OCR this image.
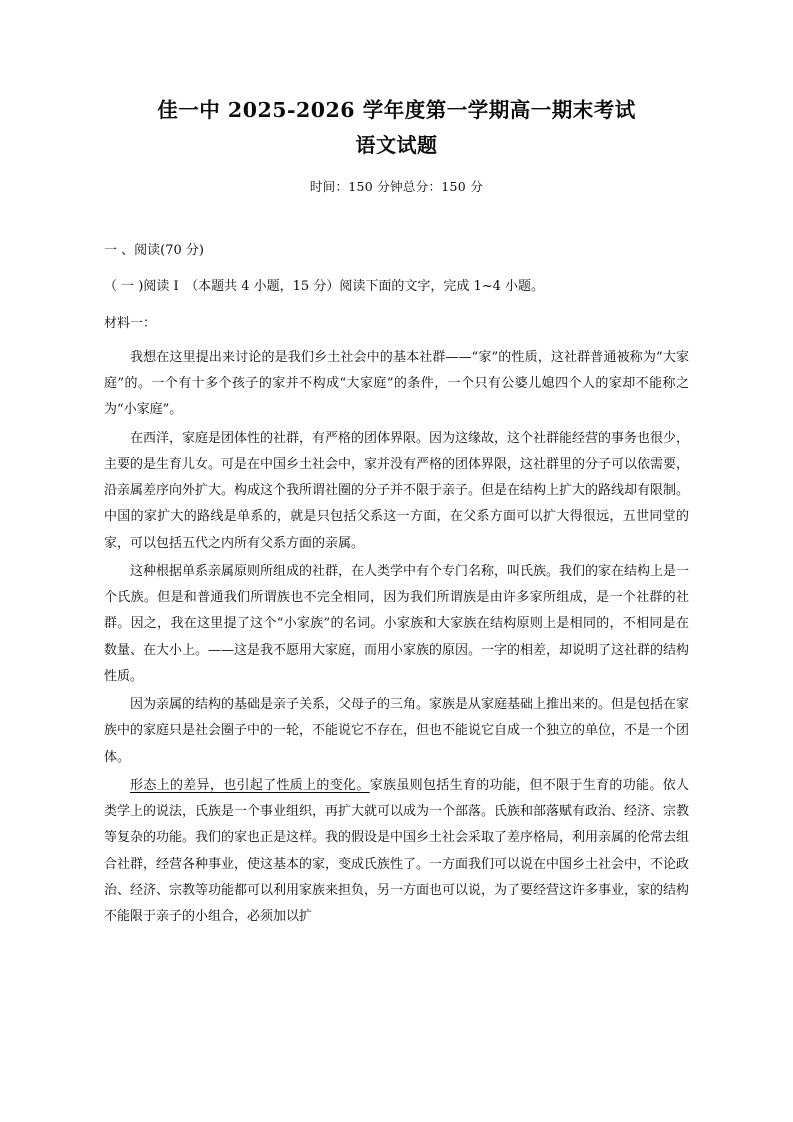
佳一中 2025-2026 学年度第一学期高一期末考试
语文试题
时间：150 分钟总分：150 分
一 、阅读(70 分)
（ 一 )阅读 I　（本题共 4 小题，15 分）阅读下面的文字，完成 1~4 小题。
材料一：

我想在这里提出来讨论的是我们乡土社会中的基本社群——“家”的性质，这社群普通被称为“大家庭”的。一个有十多个孩子的家并不构成“大家庭”的条件，一个只有公婆儿媳四个人的家却不能称之为“小家庭”。

在西洋，家庭是团体性的社群，有严格的团体界限。因为这缘故，这个社群能经营的事务也很少，主要的是生育儿女。可是在中国乡土社会中，家并没有严格的团体界限，这社群里的分子可以依需要，沿亲属差序向外扩大。构成这个我所谓社圈的分子并不限于亲子。但是在结构上扩大的路线却有限制。中国的家扩大的路线是单系的，就是只包括父系这一方面，在父系方面可以扩大得很远，五世同堂的家，可以包括五代之内所有父系方面的亲属。

这种根据单系亲属原则所组成的社群，在人类学中有个专门名称，叫氏族。我们的家在结构上是一个氏族。但是和普通我们所谓族也不完全相同，因为我们所谓族是由许多家所组成，是一个社群的社群。因之，我在这里提了这个“小家族”的名词。小家族和大家族在结构原则上是相同的，不相同是在数量、在大小上。——这是我不愿用大家庭，而用小家族的原因。一字的相差，却说明了这社群的结构性质。

因为亲属的结构的基础是亲子关系，父母子的三角。家族是从家庭基础上推出来的。但是包括在家族中的家庭只是社会圈子中的一轮，不能说它不存在，但也不能说它自成一个独立的单位，不是一个团体。

形态上的差异，也引起了性质上的变化。家族虽则包括生育的功能，但不限于生育的功能。依人类学上的说法，氏族是一个事业组织，再扩大就可以成为一个部落。氏族和部落赋有政治、经济、宗教等复杂的功能。我们的家也正是这样。我的假设是中国乡土社会采取了差序格局，利用亲属的伦常去组合社群，经营各种事业，使这基本的家，变成氏族性了。一方面我们可以说在中国乡土社会中，不论政治、经济、宗教等功能都可以利用家族来担负，另一方面也可以说，为了要经营这许多事业，家的结构不能限于亲子的小组合，必须加以扩
